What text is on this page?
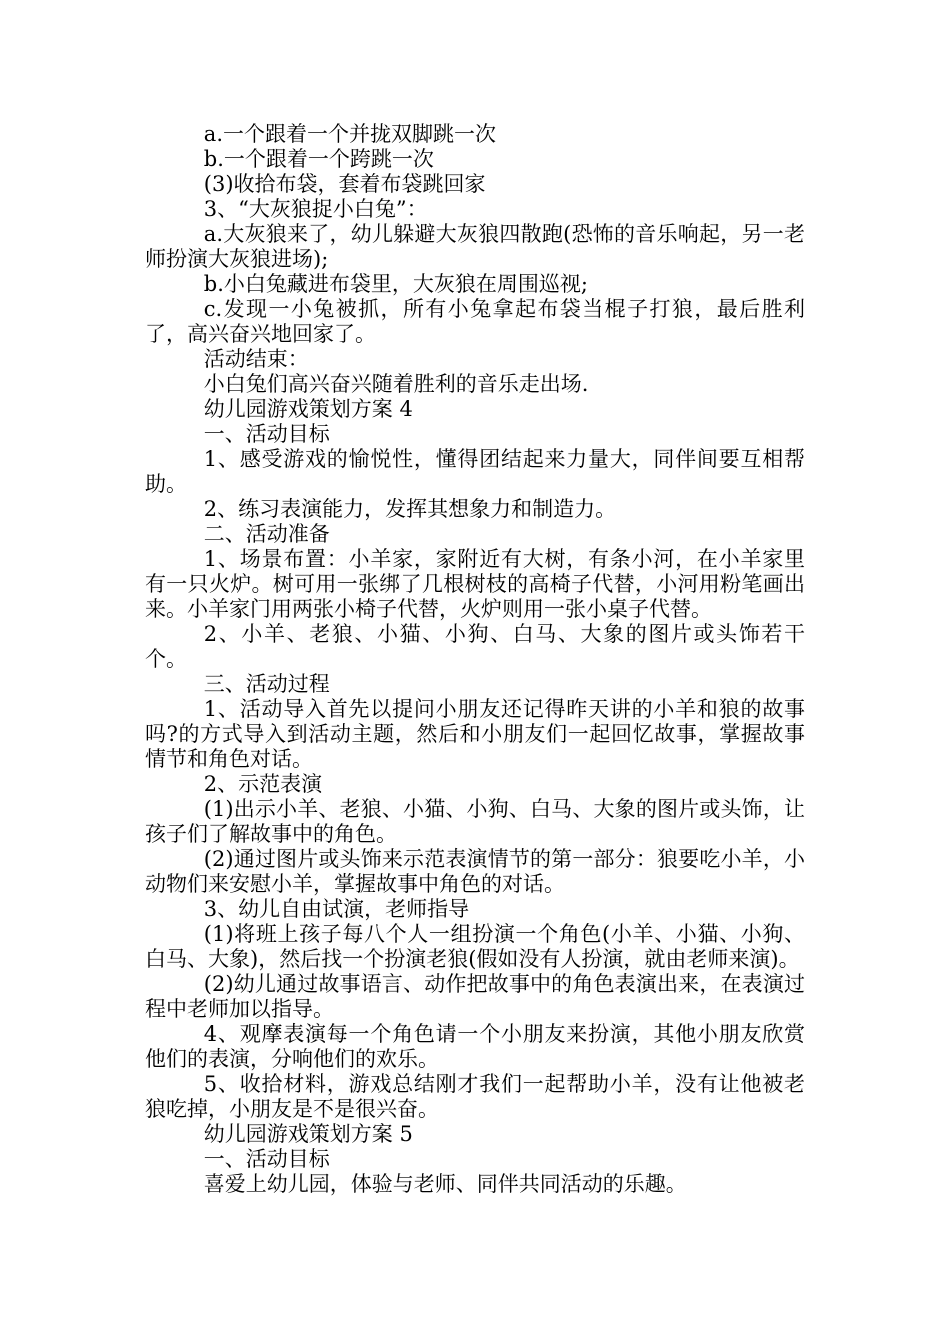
a.一个跟着一个并拢双脚跳一次

b.一个跟着一个跨跳一次

(3)收拾布袋，套着布袋跳回家

3、“大灰狼捉小白兔”：

a.大灰狼来了，幼儿躲避大灰狼四散跑(恐怖的音乐响起，另一老师扮演大灰狼进场);

b.小白兔藏进布袋里，大灰狼在周围巡视;

c.发现一小兔被抓，所有小兔拿起布袋当棍子打狼，最后胜利了，高兴奋兴地回家了。

活动结束：

小白兔们高兴奋兴随着胜利的音乐走出场.

幼儿园游戏策划方案 4

一、活动目标

1、感受游戏的愉悦性，懂得团结起来力量大，同伴间要互相帮助。

2、练习表演能力，发挥其想象力和制造力。

二、活动准备

1、场景布置：小羊家，家附近有大树，有条小河，在小羊家里有一只火炉。树可用一张绑了几根树枝的高椅子代替，小河用粉笔画出来。小羊家门用两张小椅子代替，火炉则用一张小桌子代替。

2、小羊、老狼、小猫、小狗、白马、大象的图片或头饰若干个。

三、活动过程

1、活动导入首先以提问小朋友还记得昨天讲的小羊和狼的故事吗?的方式导入到活动主题，然后和小朋友们一起回忆故事，掌握故事情节和角色对话。

2、示范表演

(1)出示小羊、老狼、小猫、小狗、白马、大象的图片或头饰，让孩子们了解故事中的角色。

(2)通过图片或头饰来示范表演情节的第一部分：狼要吃小羊，小动物们来安慰小羊，掌握故事中角色的对话。

3、幼儿自由试演，老师指导

(1)将班上孩子每八个人一组扮演一个角色(小羊、小猫、小狗、白马、大象)，然后找一个扮演老狼(假如没有人扮演，就由老师来演)。

(2)幼儿通过故事语言、动作把故事中的角色表演出来，在表演过程中老师加以指导。

4、观摩表演每一个角色请一个小朋友来扮演，其他小朋友欣赏他们的表演，分响他们的欢乐。

5、收拾材料，游戏总结刚才我们一起帮助小羊，没有让他被老狼吃掉，小朋友是不是很兴奋。

幼儿园游戏策划方案 5

一、活动目标

喜爱上幼儿园，体验与老师、同伴共同活动的乐趣。
